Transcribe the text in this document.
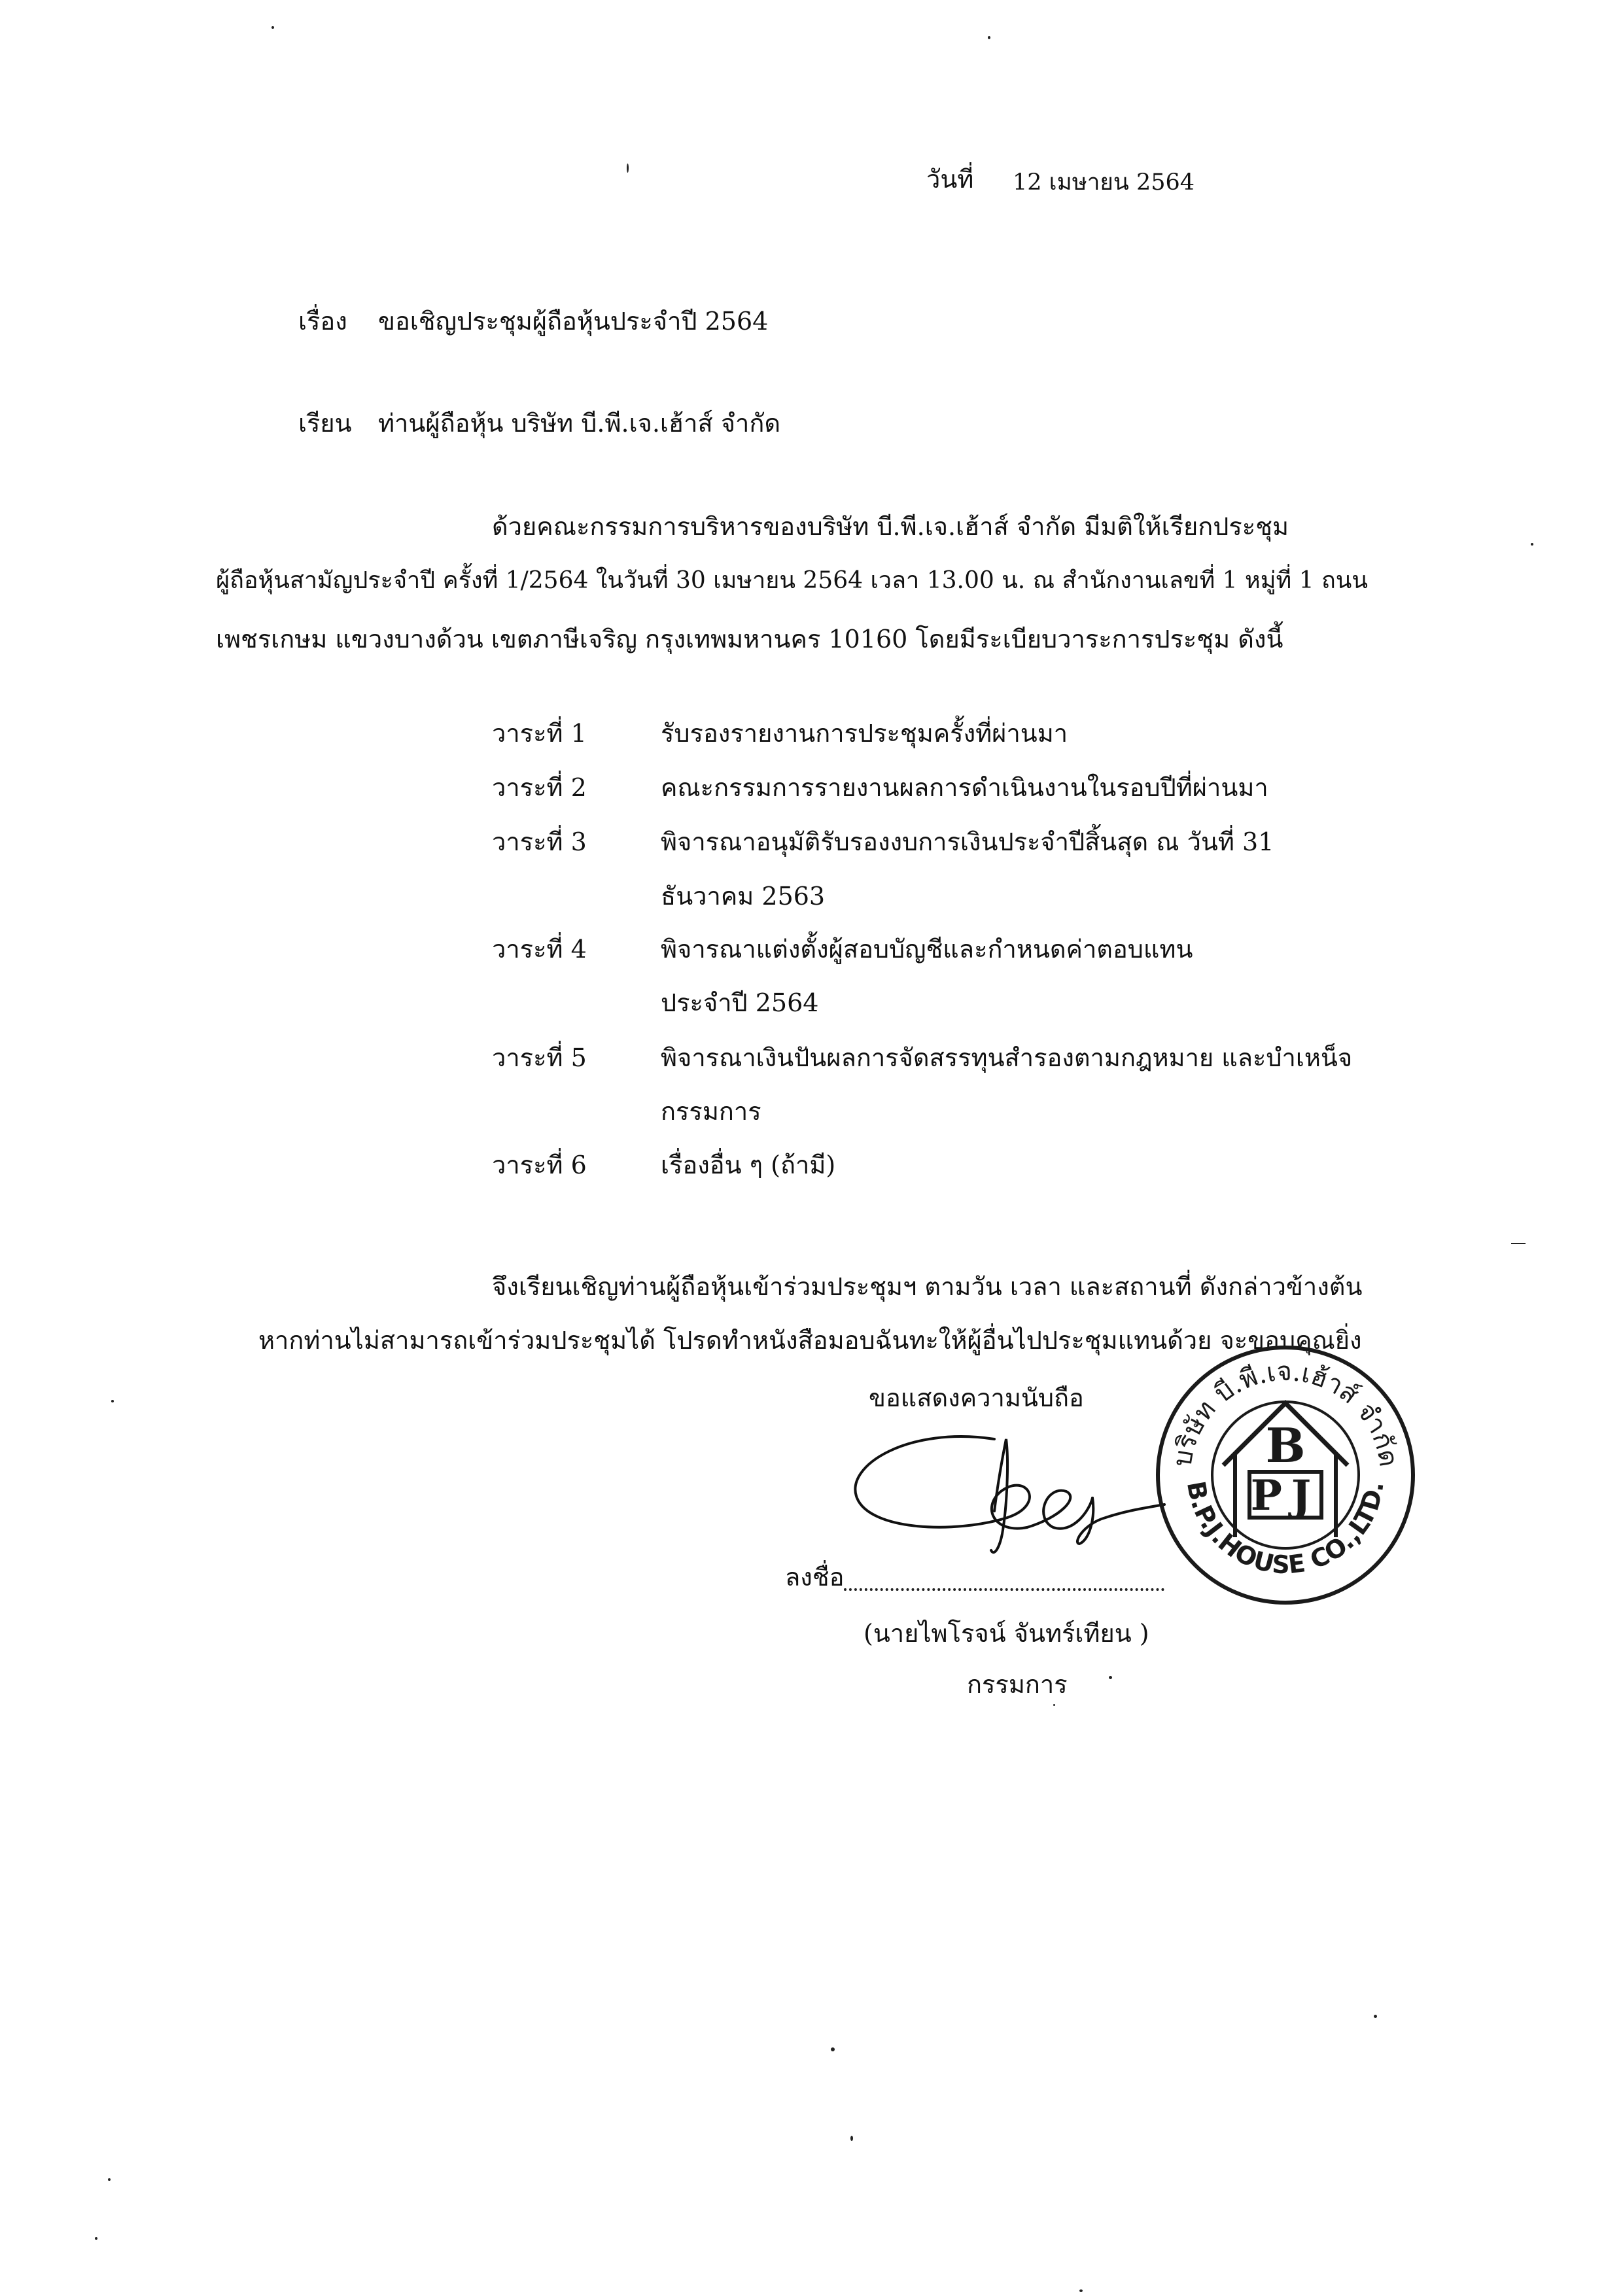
วันที่ 12 เมษายน 2564
เรื่อง ขอเชิญประชุมผู้ถือหุ้นประจำปี 2564
เรียน ท่านผู้ถือหุ้น บริษัท บี.พี.เจ.เฮ้าส์ จำกัด
ด้วยคณะกรรมการบริหารของบริษัท บี.พี.เจ.เฮ้าส์ จำกัด มีมติให้เรียกประชุม
ผู้ถือหุ้นสามัญประจำปี ครั้งที่ 1/2564 ในวันที่ 30 เมษายน 2564 เวลา 13.00 น. ณ สำนักงานเลขที่ 1 หมู่ที่ 1 ถนน
เพชรเกษม แขวงบางด้วน เขตภาษีเจริญ กรุงเทพมหานคร 10160 โดยมีระเบียบวาระการประชุม ดังนี้
วาระที่ 1	รับรองรายงานการประชุมครั้งที่ผ่านมา
วาระที่ 2	คณะกรรมการรายงานผลการดำเนินงานในรอบปีที่ผ่านมา
วาระที่ 3	พิจารณาอนุมัติรับรองงบการเงินประจำปีสิ้นสุด ณ วันที่ 31
ธันวาคม 2563
วาระที่ 4	พิจารณาแต่งตั้งผู้สอบบัญชีและกำหนดค่าตอบแทน
ประจำปี 2564
วาระที่ 5	พิจารณาเงินปันผลการจัดสรรทุนสำรองตามกฎหมาย และบำเหน็จ
กรรมการ
วาระที่ 6	เรื่องอื่น ๆ (ถ้ามี)
จึงเรียนเชิญท่านผู้ถือหุ้นเข้าร่วมประชุมฯ ตามวัน เวลา และสถานที่ ดังกล่าวข้างต้น
หากท่านไม่สามารถเข้าร่วมประชุมได้ โปรดทำหนังสือมอบฉันทะให้ผู้อื่นไปประชุมแทนด้วย จะขอบคุณยิ่ง
ขอแสดงความนับถือ
ลงชื่อ
(นายไพโรจน์ จันทร์เทียน )
กรรมการ
บริษัท บี.พี.เจ.เฮ้าส์ จำกัด
B.P.J.HOUSE CO.,LTD.
B
PJ
